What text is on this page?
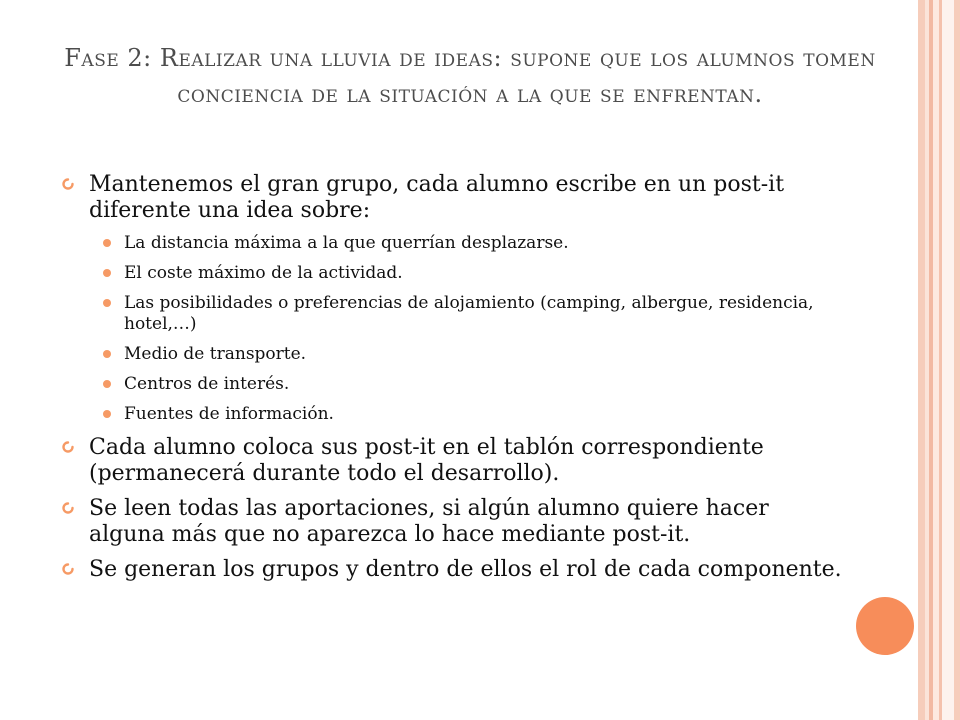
Fase 2: Realizar una lluvia de ideas: supone que los alumnos tomen conciencia de la situación a la que se enfrentan.
Mantenemos el gran grupo, cada alumno escribe en un post-it diferente una idea sobre:
La distancia máxima a la que querrían desplazarse.
El coste máximo de la actividad.
Las posibilidades o preferencias de alojamiento (camping, albergue, residencia, hotel,…)
Medio de transporte.
Centros de interés.
Fuentes de información.
Cada alumno coloca sus post-it en el tablón correspondiente (permanecerá durante todo el desarrollo).
Se leen todas las aportaciones, si algún alumno quiere hacer alguna más que no aparezca lo hace mediante post-it.
Se generan los grupos y dentro de ellos el rol de cada componente.
